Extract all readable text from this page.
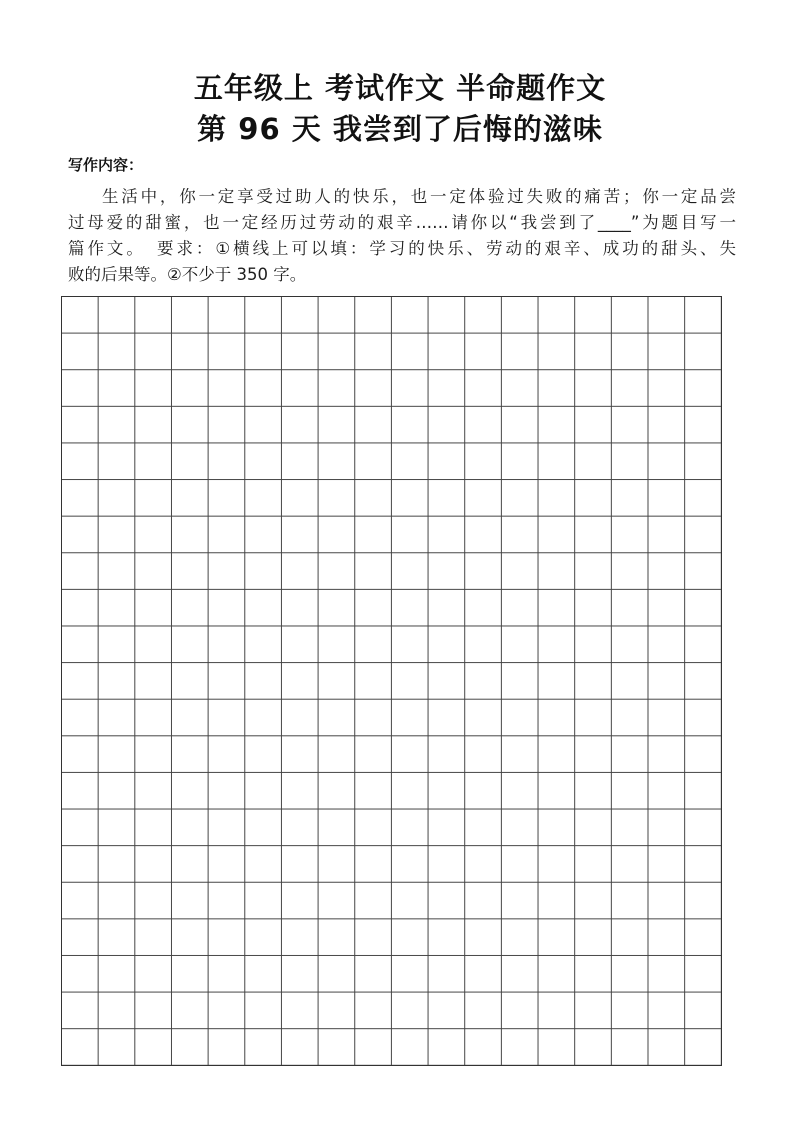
五年级上 考试作文 半命题作文
第 96 天 我尝到了后悔的滋味
写作内容：
生活中，你一定享受过助人的快乐，也一定体验过失败的痛苦；你一定品尝
过母爱的甜蜜，也一定经历过劳动的艰辛……请你以“我尝到了____”为题目写一
篇作文。　要求：①横线上可以填：学习的快乐、劳动的艰辛、成功的甜头、失
败的后果等。②不少于 350 字。
